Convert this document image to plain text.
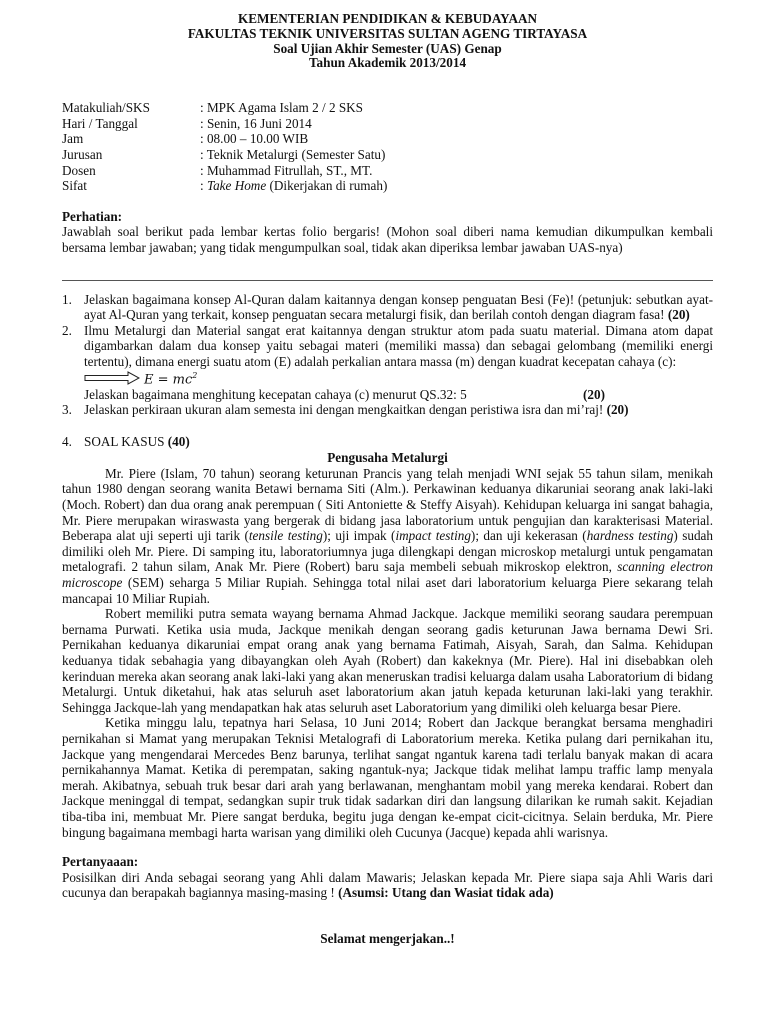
KEMENTERIAN PENDIDIKAN & KEBUDAYAAN
FAKULTAS TEKNIK UNIVERSITAS SULTAN AGENG TIRTAYASA
Soal Ujian Akhir Semester (UAS) Genap
Tahun Akademik 2013/2014
Matakuliah/SKS	: MPK Agama Islam 2 / 2 SKS
Hari / Tanggal	: Senin, 16 Juni 2014
Jam	: 08.00 – 10.00 WIB
Jurusan	: Teknik Metalurgi (Semester Satu)
Dosen	: Muhammad Fitrullah, ST., MT.
Sifat	: Take Home (Dikerjakan di rumah)
Perhatian:
Jawablah soal berikut pada lembar kertas folio bergaris! (Mohon soal diberi nama kemudian dikumpulkan kembali bersama lembar jawaban; yang tidak mengumpulkan soal, tidak akan diperiksa lembar jawaban UAS-nya)
1. Jelaskan bagaimana konsep Al-Quran dalam kaitannya dengan konsep penguatan Besi (Fe)! (petunjuk: sebutkan ayat-ayat Al-Quran yang terkait, konsep penguatan secara metalurgi fisik, dan berilah contoh dengan diagram fasa! (20)
2. Ilmu Metalurgi dan Material sangat erat kaitannya dengan struktur atom pada suatu material. Dimana atom dapat digambarkan dalam dua konsep yaitu sebagai materi (memiliki massa) dan sebagai gelombang (memiliki energi tertentu), dimana energi suatu atom (E) adalah perkalian antara massa (m) dengan kuadrat kecepatan cahaya (c):
$E = mc^2$
Jelaskan bagaimana menghitung kecepatan cahaya (c) menurut QS.32: 5	(20)
3. Jelaskan perkiraan ukuran alam semesta ini dengan mengkaitkan dengan peristiwa isra dan mi’raj! (20)
4. SOAL KASUS (40)
Pengusaha Metalurgi
Mr. Piere (Islam, 70 tahun) seorang keturunan Prancis yang telah menjadi WNI sejak 55 tahun silam, menikah tahun 1980 dengan seorang wanita Betawi bernama Siti (Alm.). Perkawinan keduanya dikaruniai seorang anak laki-laki (Moch. Robert) dan dua orang anak perempuan ( Siti Antoniette & Steffy Aisyah). Kehidupan keluarga ini sangat bahagia, Mr. Piere merupakan wiraswasta yang bergerak di bidang jasa laboratorium untuk pengujian dan karakterisasi Material. Beberapa alat uji seperti uji tarik (tensile testing); uji impak (impact testing); dan uji kekerasan (hardness testing) sudah dimiliki oleh Mr. Piere. Di samping itu, laboratoriumnya juga dilengkapi dengan microskop metalurgi untuk pengamatan metalografi. 2 tahun silam, Anak Mr. Piere (Robert) baru saja membeli sebuah mikroskop elektron, scanning electron microscope (SEM) seharga 5 Miliar Rupiah. Sehingga total nilai aset dari laboratorium keluarga Piere sekarang telah mancapai 10 Miliar Rupiah.
Robert memiliki putra semata wayang bernama Ahmad Jackque. Jackque memiliki seorang saudara perempuan bernama Purwati. Ketika usia muda, Jackque menikah dengan seorang gadis keturunan Jawa bernama Dewi Sri. Pernikahan keduanya dikaruniai empat orang anak yang bernama Fatimah, Aisyah, Sarah, dan Salma. Kehidupan keduanya tidak sebahagia yang dibayangkan oleh Ayah (Robert) dan kakeknya (Mr. Piere). Hal ini disebabkan oleh kerinduan mereka akan seorang anak laki-laki yang akan meneruskan tradisi keluarga dalam usaha Laboratorium di bidang Metalurgi. Untuk diketahui, hak atas seluruh aset laboratorium akan jatuh kepada keturunan laki-laki yang terakhir. Sehingga Jackque-lah yang mendapatkan hak atas seluruh aset Laboratorium yang dimiliki oleh keluarga besar Piere.
Ketika minggu lalu, tepatnya hari Selasa, 10 Juni 2014; Robert dan Jackque berangkat bersama menghadiri pernikahan si Mamat yang merupakan Teknisi Metalografi di Laboratorium mereka. Ketika pulang dari pernikahan itu, Jackque yang mengendarai Mercedes Benz barunya, terlihat sangat ngantuk karena tadi terlalu banyak makan di acara pernikahannya Mamat. Ketika di perempatan, saking ngantuk-nya; Jackque tidak melihat lampu traffic lamp menyala merah. Akibatnya, sebuah truk besar dari arah yang berlawanan, menghantam mobil yang mereka kendarai. Robert dan Jackque meninggal di tempat, sedangkan supir truk tidak sadarkan diri dan langsung dilarikan ke rumah sakit. Kejadian tiba-tiba ini, membuat Mr. Piere sangat berduka, begitu juga dengan ke-empat cicit-cicitnya. Selain berduka, Mr. Piere bingung bagaimana membagi harta warisan yang dimiliki oleh Cucunya (Jacque) kepada ahli warisnya.
Pertanyaaan:
Posisilkan diri Anda sebagai seorang yang Ahli dalam Mawaris; Jelaskan kepada Mr. Piere siapa saja Ahli Waris dari cucunya dan berapakah bagiannya masing-masing ! (Asumsi: Utang dan Wasiat tidak ada)
Selamat mengerjakan..!
